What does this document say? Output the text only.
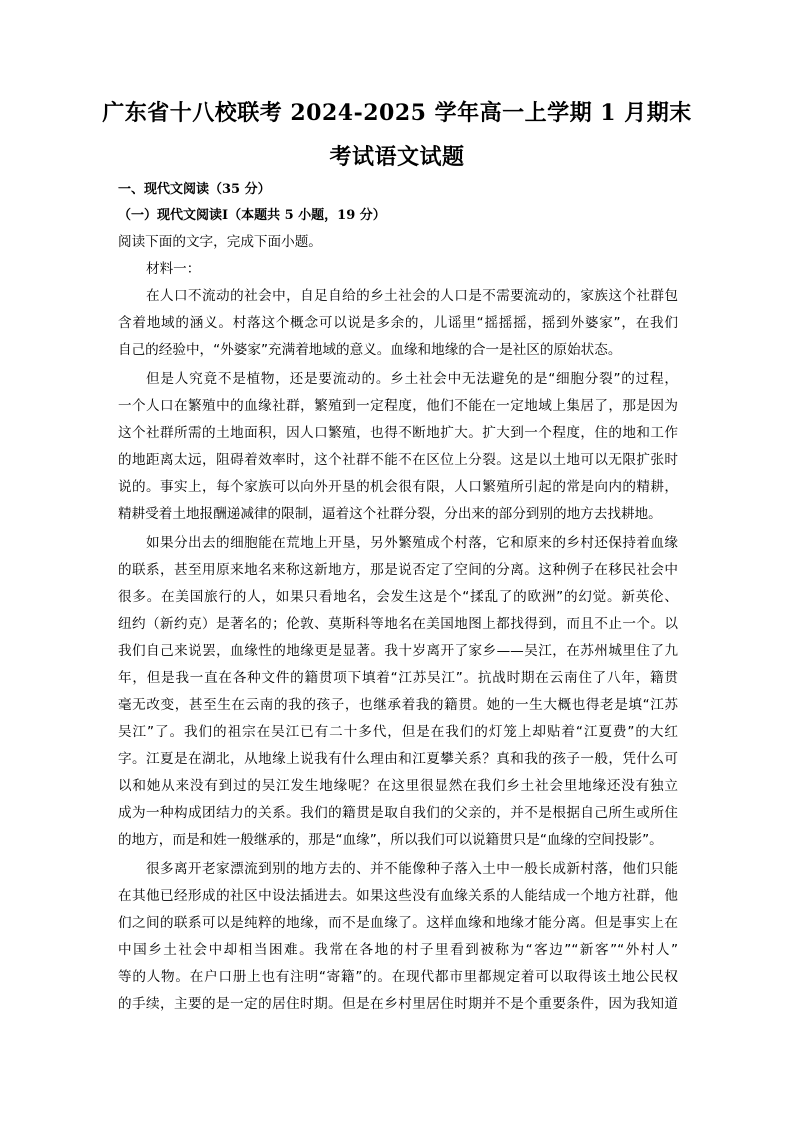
广东省十八校联考 2024-2025 学年高一上学期 1 月期末
考试语文试题
一、现代文阅读（35 分）
（一）现代文阅读Ⅰ（本题共 5 小题，19 分）
阅读下面的文字，完成下面小题。
材料一：
在人口不流动的社会中，自足自给的乡土社会的人口是不需要流动的，家族这个社群包
含着地域的涵义。村落这个概念可以说是多余的，儿谣里“摇摇摇，摇到外婆家”，在我们
自己的经验中，“外婆家”充满着地域的意义。血缘和地缘的合一是社区的原始状态。
但是人究竟不是植物，还是要流动的。乡土社会中无法避免的是“细胞分裂”的过程，
一个人口在繁殖中的血缘社群，繁殖到一定程度，他们不能在一定地域上集居了，那是因为
这个社群所需的土地面积，因人口繁殖，也得不断地扩大。扩大到一个程度，住的地和工作
的地距离太远，阻碍着效率时，这个社群不能不在区位上分裂。这是以土地可以无限扩张时
说的。事实上，每个家族可以向外开垦的机会很有限，人口繁殖所引起的常是向内的精耕，
精耕受着土地报酬递减律的限制，逼着这个社群分裂，分出来的部分到别的地方去找耕地。
如果分出去的细胞能在荒地上开垦，另外繁殖成个村落，它和原来的乡村还保持着血缘
的联系，甚至用原来地名来称这新地方，那是说否定了空间的分离。这种例子在移民社会中
很多。在美国旅行的人，如果只看地名，会发生这是个“揉乱了的欧洲”的幻觉。新英伦、
纽约（新约克）是著名的；伦敦、莫斯科等地名在美国地图上都找得到，而且不止一个。以
我们自己来说罢，血缘性的地缘更是显著。我十岁离开了家乡——吴江，在苏州城里住了九
年，但是我一直在各种文件的籍贯项下填着“江苏吴江”。抗战时期在云南住了八年，籍贯
毫无改变，甚至生在云南的我的孩子，也继承着我的籍贯。她的一生大概也得老是填“江苏
吴江”了。我们的祖宗在吴江已有二十多代，但是在我们的灯笼上却贴着“江夏费”的大红
字。江夏是在湖北，从地缘上说我有什么理由和江夏攀关系？真和我的孩子一般，凭什么可
以和她从来没有到过的吴江发生地缘呢？在这里很显然在我们乡土社会里地缘还没有独立
成为一种构成团结力的关系。我们的籍贯是取自我们的父亲的，并不是根据自己所生或所住
的地方，而是和姓一般继承的，那是“血缘”，所以我们可以说籍贯只是“血缘的空间投影”。
很多离开老家漂流到别的地方去的、并不能像种子落入土中一般长成新村落，他们只能
在其他已经形成的社区中设法插进去。如果这些没有血缘关系的人能结成一个地方社群，他
们之间的联系可以是纯粹的地缘，而不是血缘了。这样血缘和地缘才能分离。但是事实上在
中国乡土社会中却相当困难。我常在各地的村子里看到被称为“客边”“新客”“外村人”
等的人物。在户口册上也有注明“寄籍”的。在现代都市里都规定着可以取得该土地公民权
的手续，主要的是一定的居住时期。但是在乡村里居住时期并不是个重要条件，因为我知道
